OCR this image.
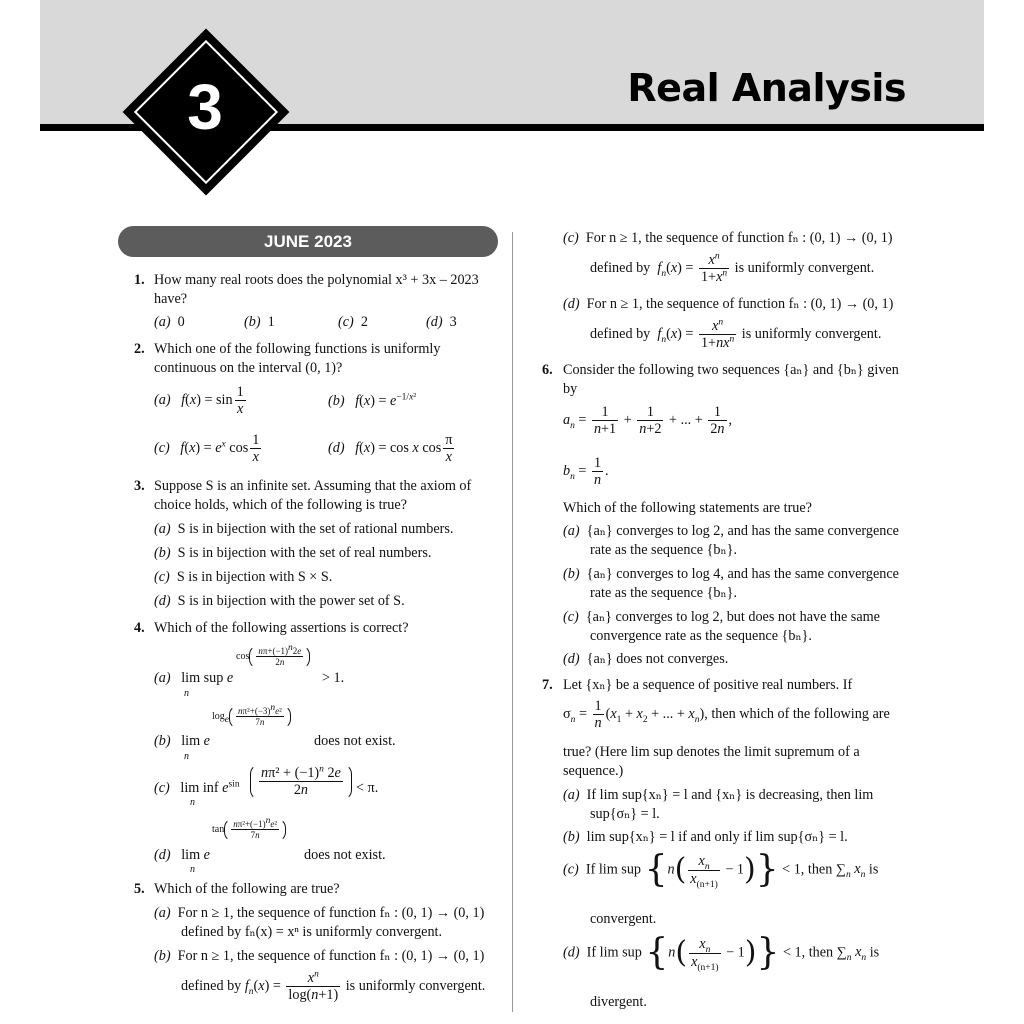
3	Real Analysis
JUNE 2023
1. How many real roots does the polynomial x³ + 3x – 2023
have?
(a) 0	(b) 1	(c) 2	(d) 3
2. Which one of the following functions is uniformly
continuous on the interval (0, 1)?
(a) $f(x) = \sin \frac{1}{x}$	(b) $f(x) = e^{-1/x^2}$
(c) $f(x) = e^x$ $\cos \frac{1}{x}$	(d) f(x) = cos x $\cos \frac{\pi}{x}$
3. Suppose S is an infinite set. Assuming that the axiom of
choice holds, which of the following is true?
(a) S is in bijection with the set of rational numbers.
(b) S is in bijection with the set of real numbers.
(c) S is in bijection with S × S.
(d) S is in bijection with the power set of S.
4. Which of the following assertions is correct?
(a)   lim sup e
n
$\cos \frac{n\pi+(-1)^n2e}{2n}$
> 1.
(b)   lim e
n
$\log_e \frac{n\pi^2+(-3)^ne^2}{7n}$
does not exist.
(c)   lim inf $e^{sin}$
n
$\frac{n\pi^2 + (-1)^n 2e}{2n} < \pi$.
(d)   lim e
n
$\tan \frac{n\pi^2+(-1)^ne^2}{7n}$
does not exist.
5. Which of the following are true?
(a) For n ≥ 1, the sequence of function fₙ : (0, 1) → (0, 1)
defined by fₙ(x) = xⁿ is uniformly convergent.
(b) For n ≥ 1, the sequence of function fₙ : (0, 1) → (0, 1)
defined by $f_n(x) = \frac{x^n}{\log(n+1)}$ is uniformly convergent.
(c) For n ≥ 1, the sequence of function fₙ : (0, 1) → (0, 1)
defined by $f_n(x) = \frac{x^n}{1+x^n}$ is uniformly convergent.
(d) For n ≥ 1, the sequence of function fₙ : (0, 1) → (0, 1)
defined by $f_n(x)$ =
$x^n$
$1+nx^n$ is uniformly convergent.
6. Consider the following two sequences {aₙ} and {bₙ} given
by
$a_n = \frac{1}{n+1} + \frac{1}{n+2}$ + ... + $\frac{1}{2n}$ ,
$b_n = \frac{1}{n}$ .
Which of the following statements are true?
(a) {aₙ} converges to log 2, and has the same convergence
rate as the sequence {bₙ}.
(b) {aₙ} converges to log 4, and has the same convergence
rate as the sequence {bₙ}.
(c) {aₙ} converges to log 2, but does not have the same
convergence rate as the sequence {bₙ}.
(d) {aₙ} does not converges.
7. Let {xₙ} be a sequence of positive real numbers. If
$\sigma_n = \frac{1}{n} (x_1 + x_2$ + ... + $x_n$), then which of the following are
true? (Here lim sup denotes the limit supremum of a
sequence.)
(a) If lim sup{xₙ} = l and {xₙ} is decreasing, then lim
sup{σₙ} = l.
(b) lim sup{xₙ} = l if and only if lim sup{σₙ} = l.
(c)  If lim sup $\{n( \frac{x_n}{x_{(n+1)}} - 1)\} < 1$, then $\sum_n$ $x_n$ is
convergent.
(d)  If lim sup $\{n( \frac{x_n}{x_{(n+1)}} - 1)\} < 1$, then $\sum_n$ $x_n$ is
divergent.
